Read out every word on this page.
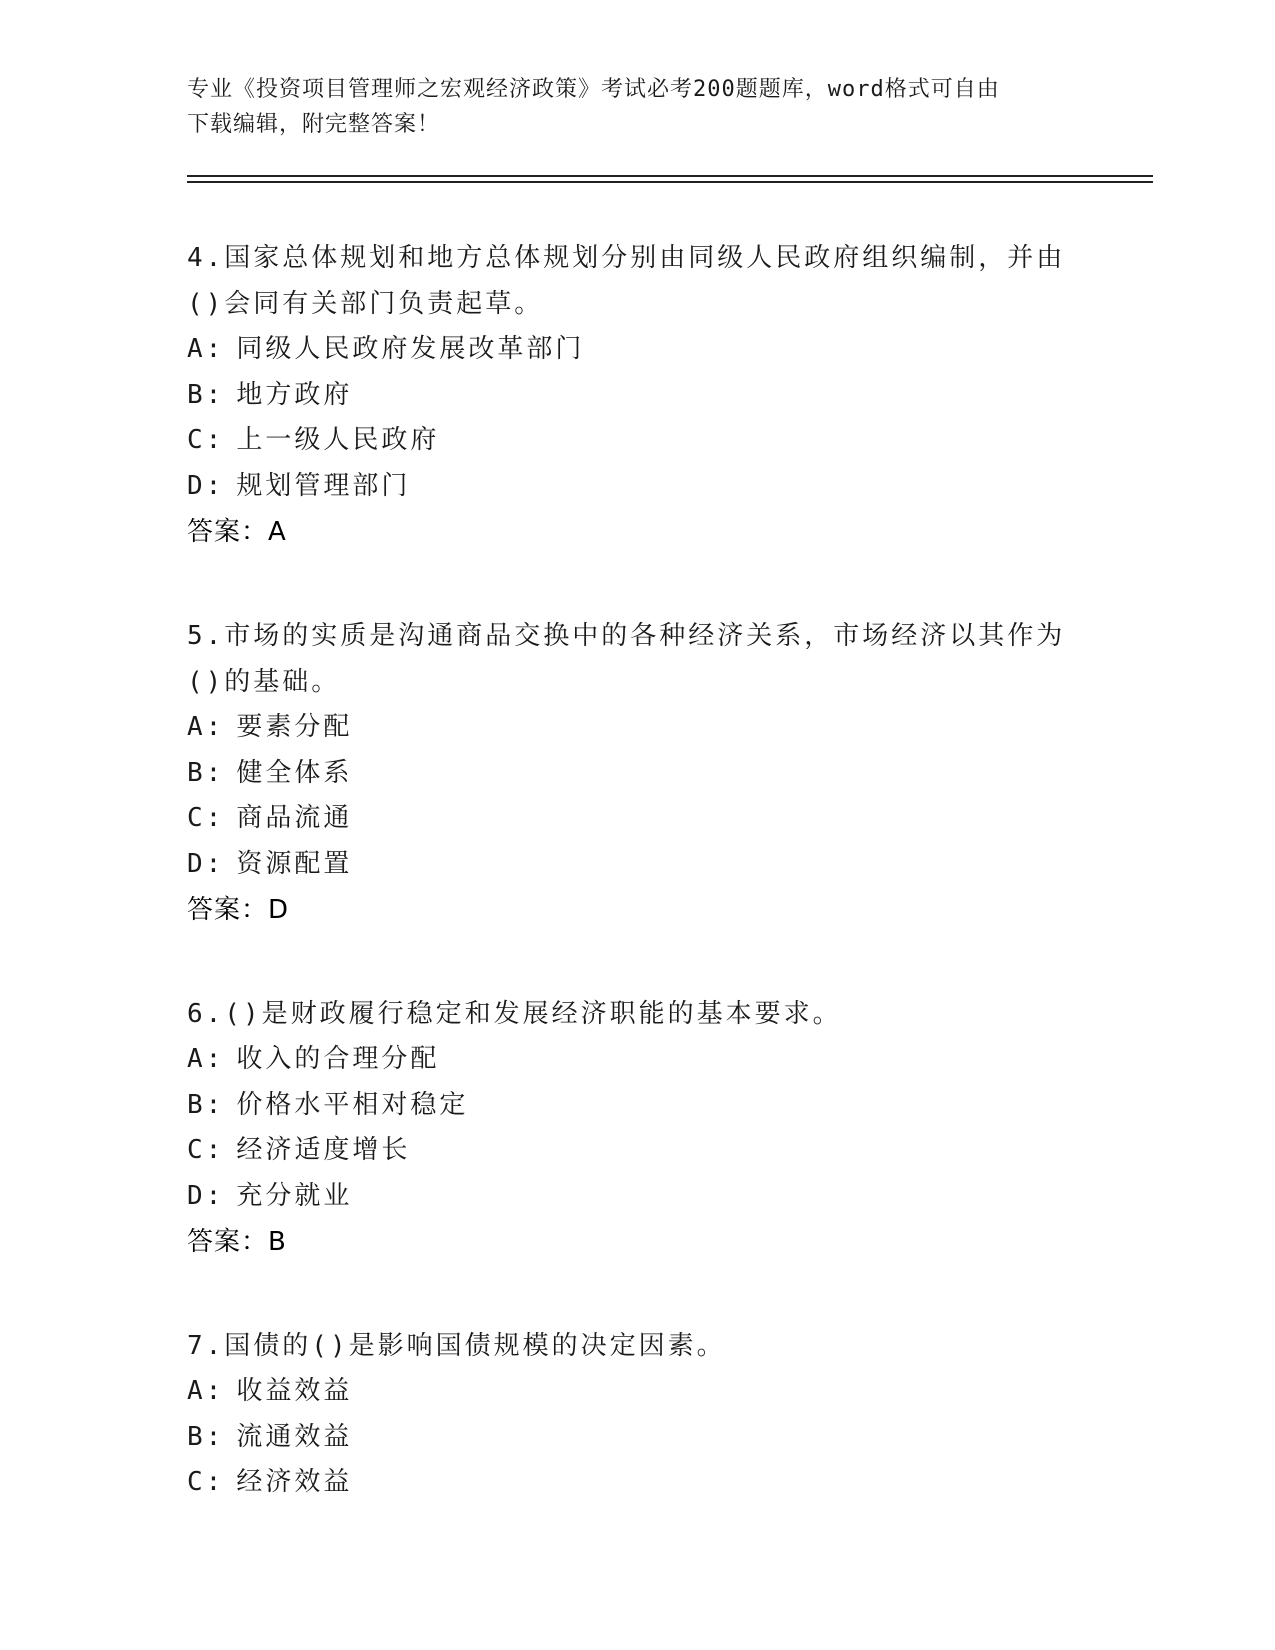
专业《投资项目管理师之宏观经济政策》考试必考200题题库，word格式可自由
下载编辑，附完整答案！
4.国家总体规划和地方总体规划分别由同级人民政府组织编制，并由
()会同有关部门负责起草。
A: 同级人民政府发展改革部门
B: 地方政府
C: 上一级人民政府
D: 规划管理部门
答案：A
5.市场的实质是沟通商品交换中的各种经济关系，市场经济以其作为
()的基础。
A: 要素分配
B: 健全体系
C: 商品流通
D: 资源配置
答案：D
6.()是财政履行稳定和发展经济职能的基本要求。
A: 收入的合理分配
B: 价格水平相对稳定
C: 经济适度增长
D: 充分就业
答案：B
7.国债的()是影响国债规模的决定因素。
A: 收益效益
B: 流通效益
C: 经济效益
